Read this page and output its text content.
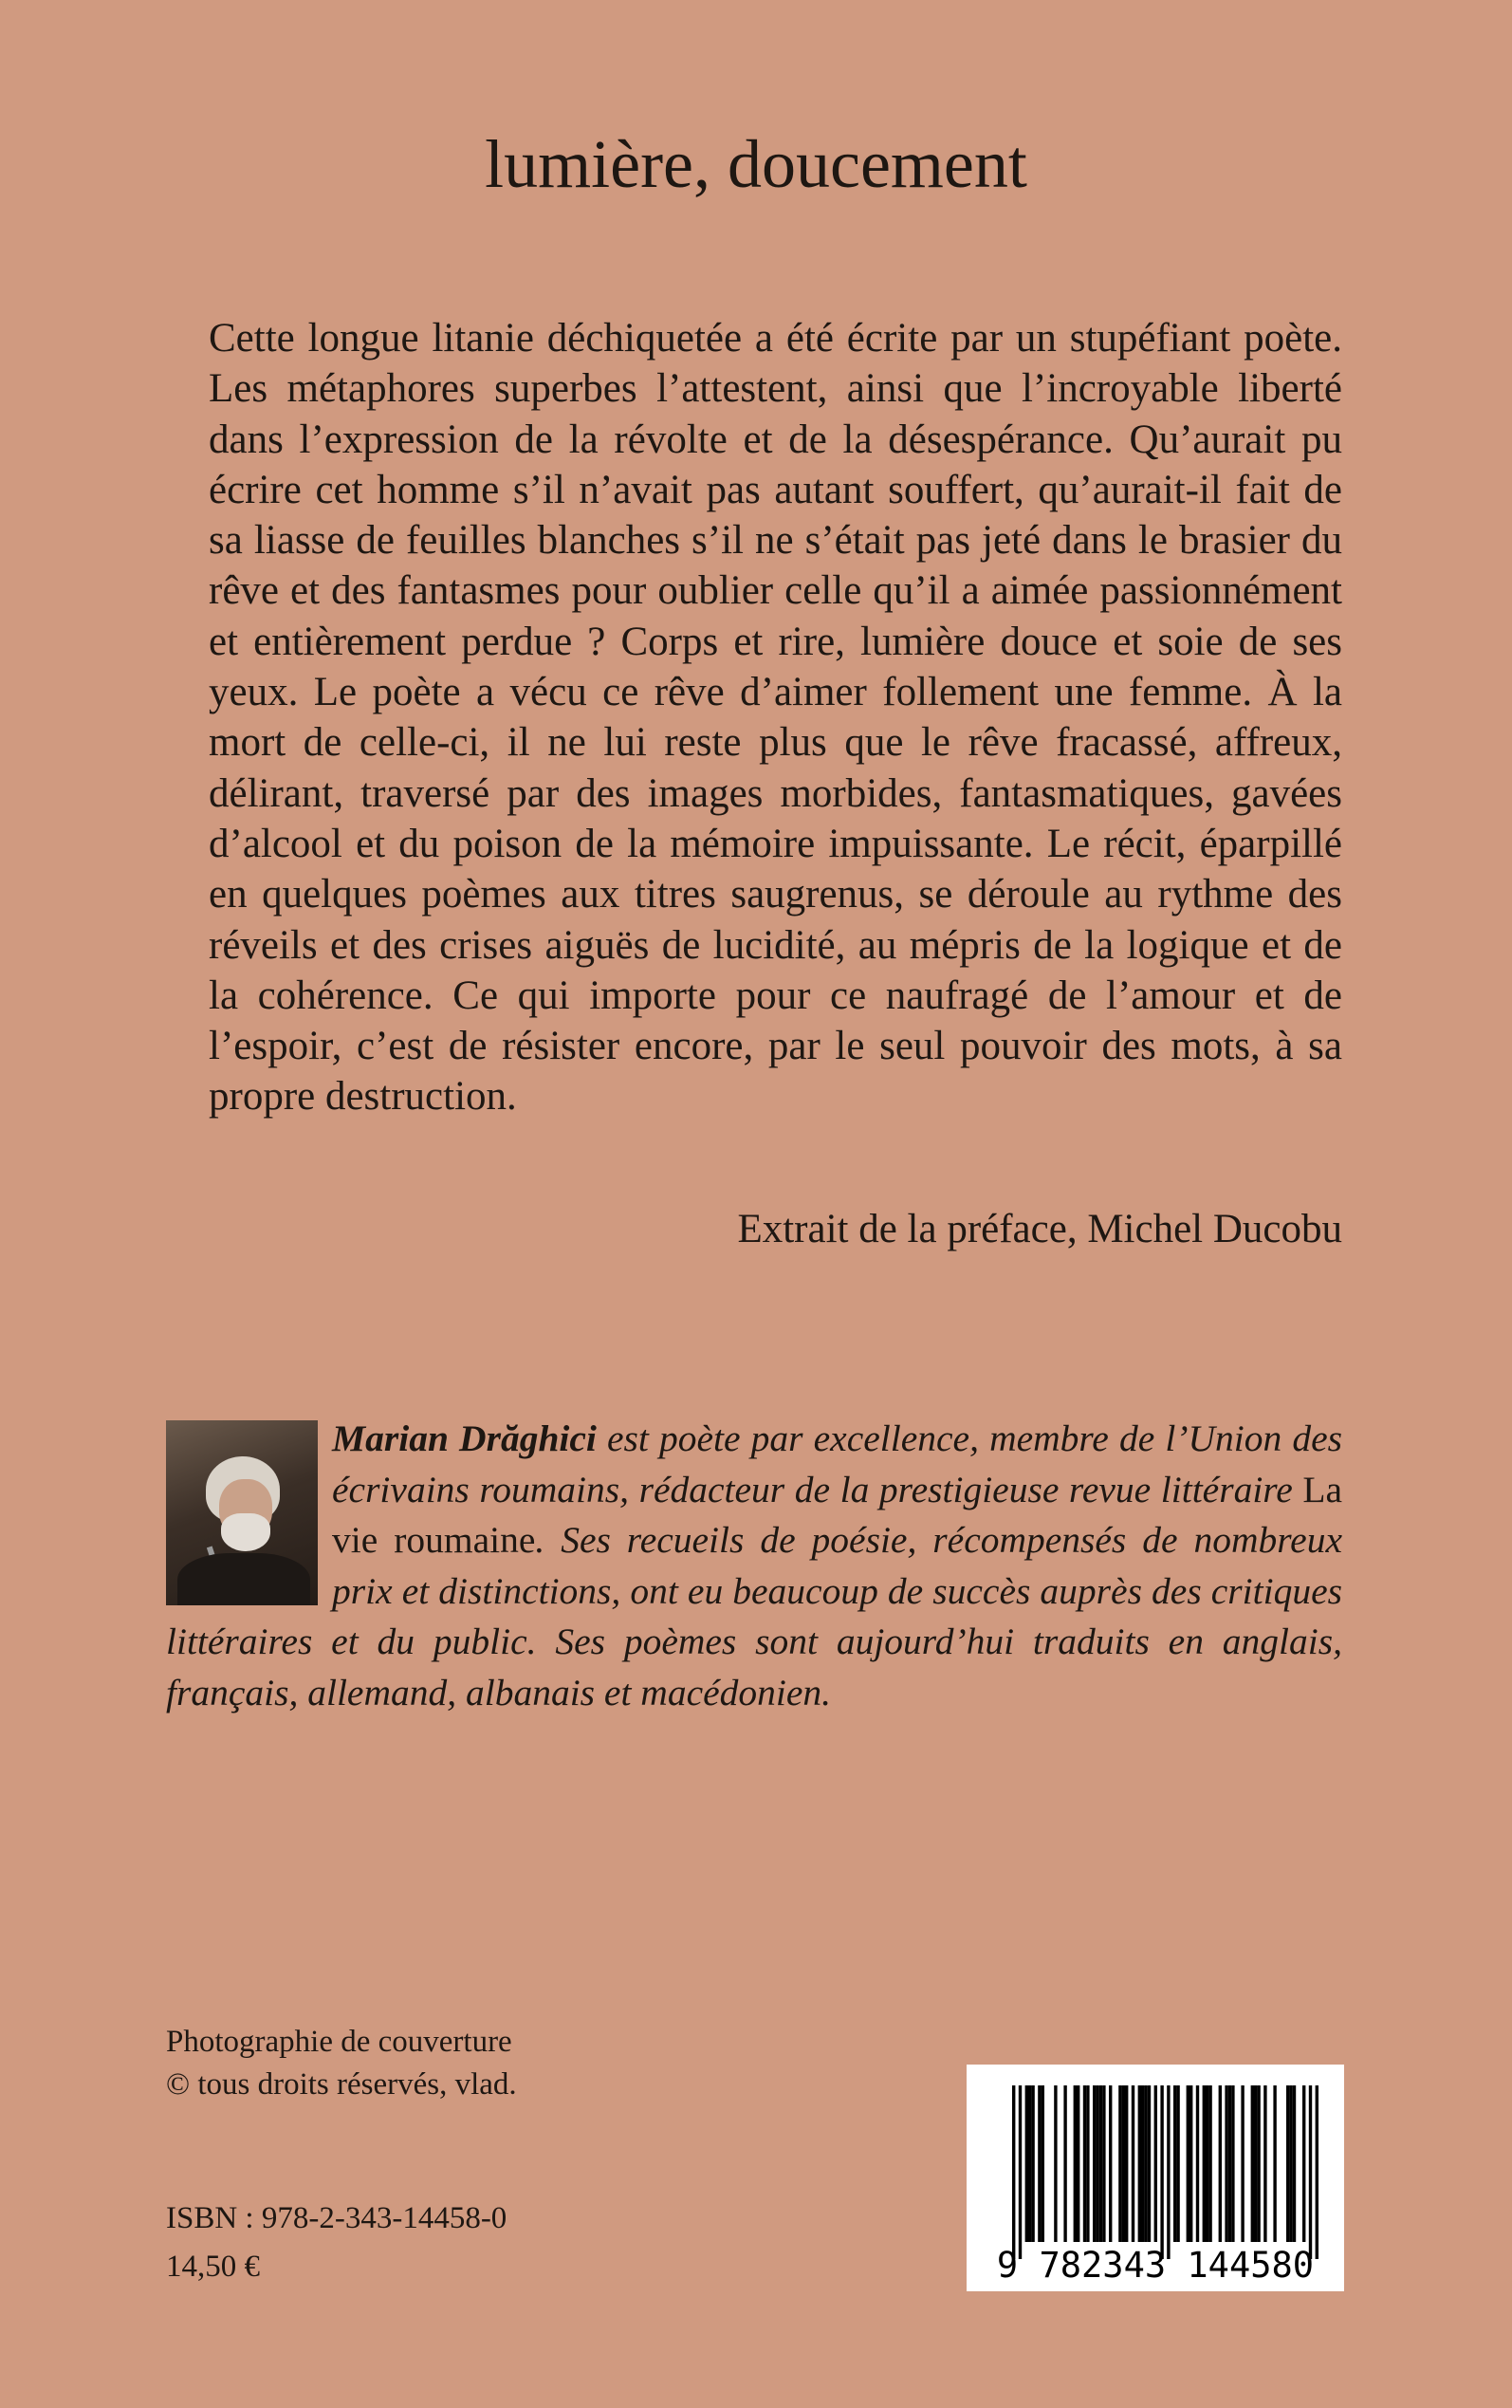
lumière, doucement

Cette longue litanie déchiquetée a été écrite par un stupéfiant poète. Les métaphores superbes l’attestent, ainsi que l’incroyable liberté dans l’expression de la révolte et de la désespérance. Qu’aurait pu écrire cet homme s’il n’avait pas autant souffert, qu’aurait-il fait de sa liasse de feuilles blanches s’il ne s’était pas jeté dans le brasier du rêve et des fantasmes pour oublier celle qu’il a aimée passionnément et entièrement perdue ? Corps et rire, lumière douce et soie de ses yeux. Le poète a vécu ce rêve d’aimer follement une femme. À la mort de celle-ci, il ne lui reste plus que le rêve fracassé, affreux, délirant, traversé par des images morbides, fantasmatiques, gavées d’alcool et du poison de la mémoire impuissante. Le récit, éparpillé en quelques poèmes aux titres saugrenus, se déroule au rythme des réveils et des crises aiguës de lucidité, au mépris de la logique et de la cohérence. Ce qui importe pour ce naufragé de l’amour et de l’espoir, c’est de résister encore, par le seul pouvoir des mots, à sa propre destruction.

Extrait de la préface, Michel Ducobu
Marian Drăghici est poète par excellence, membre de l’Union des écrivains roumains, rédacteur de la prestigieuse revue littéraire La vie roumaine. Ses recueils de poésie, récompensés de nombreux prix et distinctions, ont eu beaucoup de succès auprès des critiques littéraires et du public. Ses poèmes sont aujourd’hui traduits en anglais, français, allemand, albanais et macédonien.
Photographie de couverture
© tous droits réservés, vlad.
ISBN : 978-2-343-14458-0
14,50 €	9 782343 144580
